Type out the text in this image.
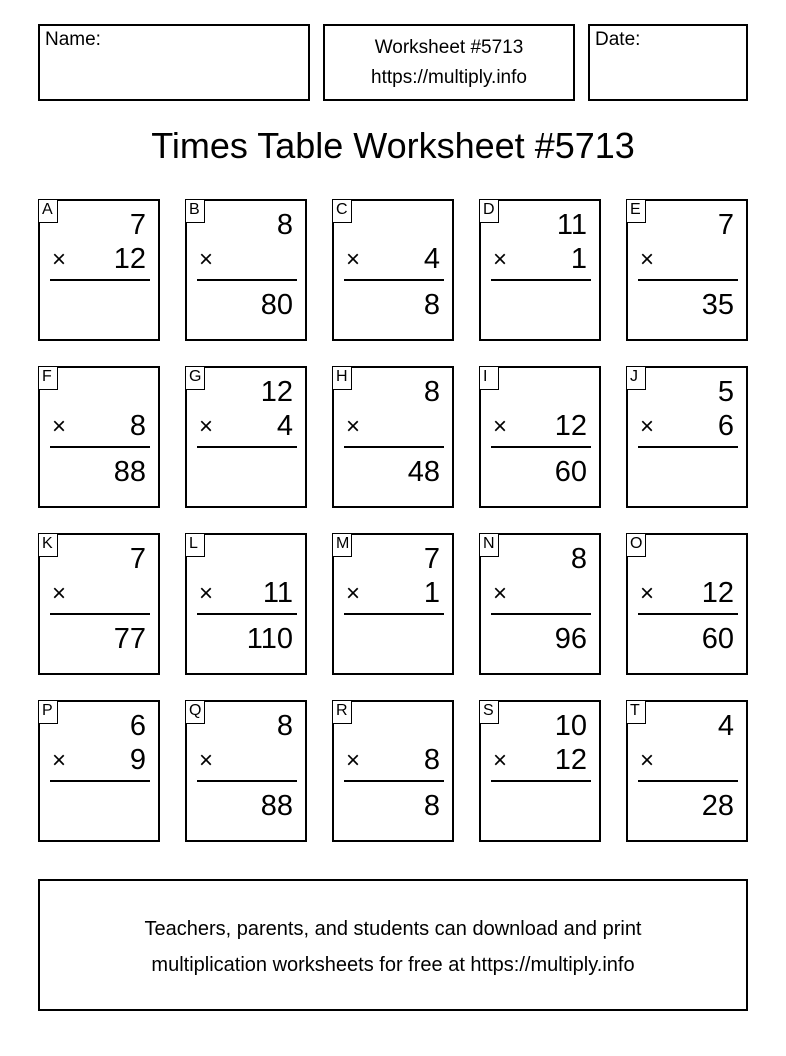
Name:	Worksheet #5713
https://multiply.info
Date:
Times Table Worksheet #5713
A	7
× 12
B	8
×
80
C
× 4
8
D 11
× 1
E	7
×
35
F
× 8
88
G 12
× 4
H	8
×
48
I
× 12
60
J	5
× 6
K	7
×
77
L
× 11
110
M	7
× 1
N	8
×
96
O
× 12
60
P	6
× 9
Q	8
×
88
R
× 8
8
S 10
× 12
T	4
×
28
Teachers, parents, and students can download and print
multiplication worksheets for free at https://multiply.info
